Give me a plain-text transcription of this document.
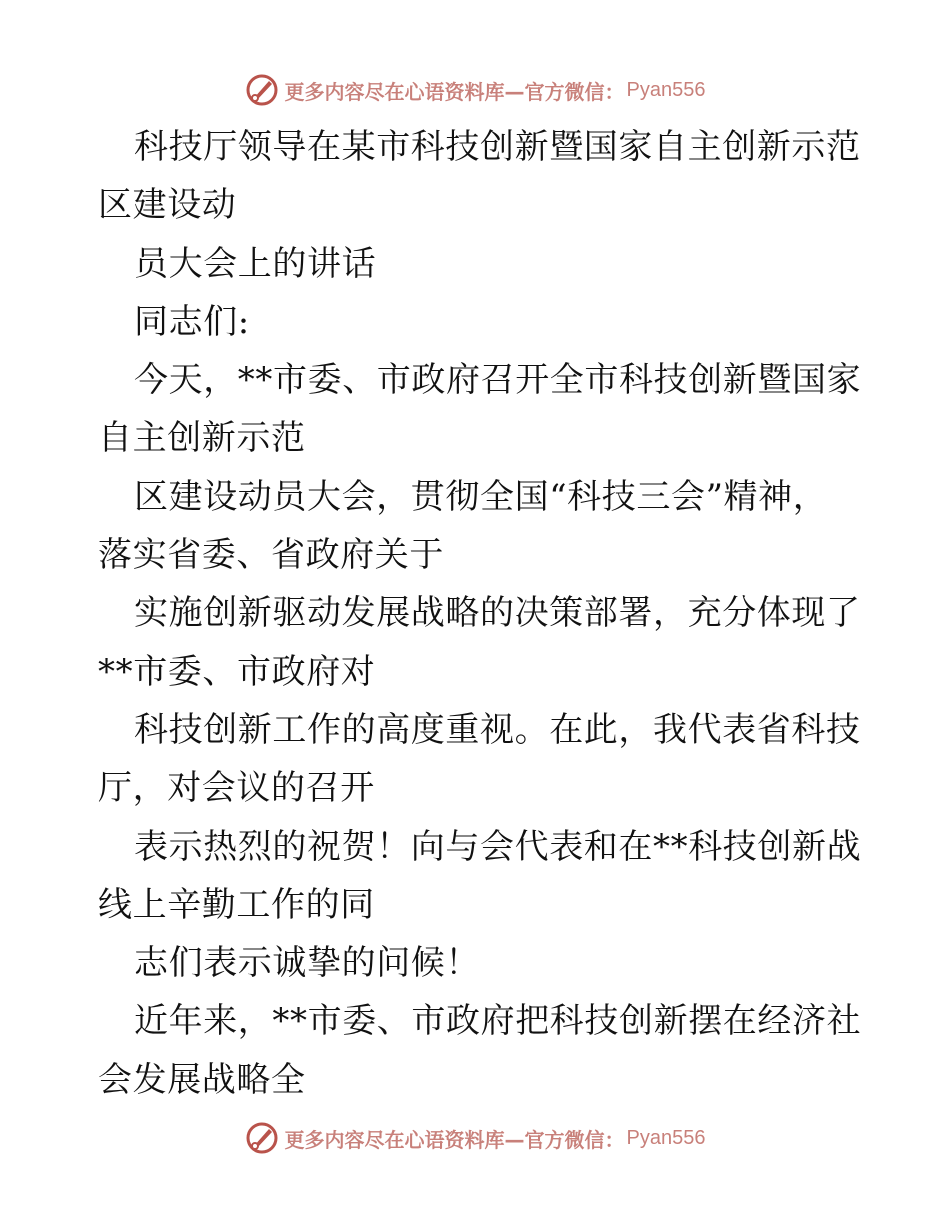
更多内容尽在心语资料库—官方微信： Pyan556
科技厅领导在某市科技创新暨国家自主创新示范
区建设动
员大会上的讲话
同志们:
今天，**市委、市政府召开全市科技创新暨国家
自主创新示范
区建设动员大会，贯彻全国“科技三会”精神，
落实省委、省政府关于
实施创新驱动发展战略的决策部署，充分体现了
**市委、市政府对
科技创新工作的高度重视。在此，我代表省科技
厅，对会议的召开
表示热烈的祝贺！向与会代表和在**科技创新战
线上辛勤工作的同
志们表示诚挚的问候！
近年来，**市委、市政府把科技创新摆在经济社
会发展战略全
更多内容尽在心语资料库—官方微信： Pyan556
